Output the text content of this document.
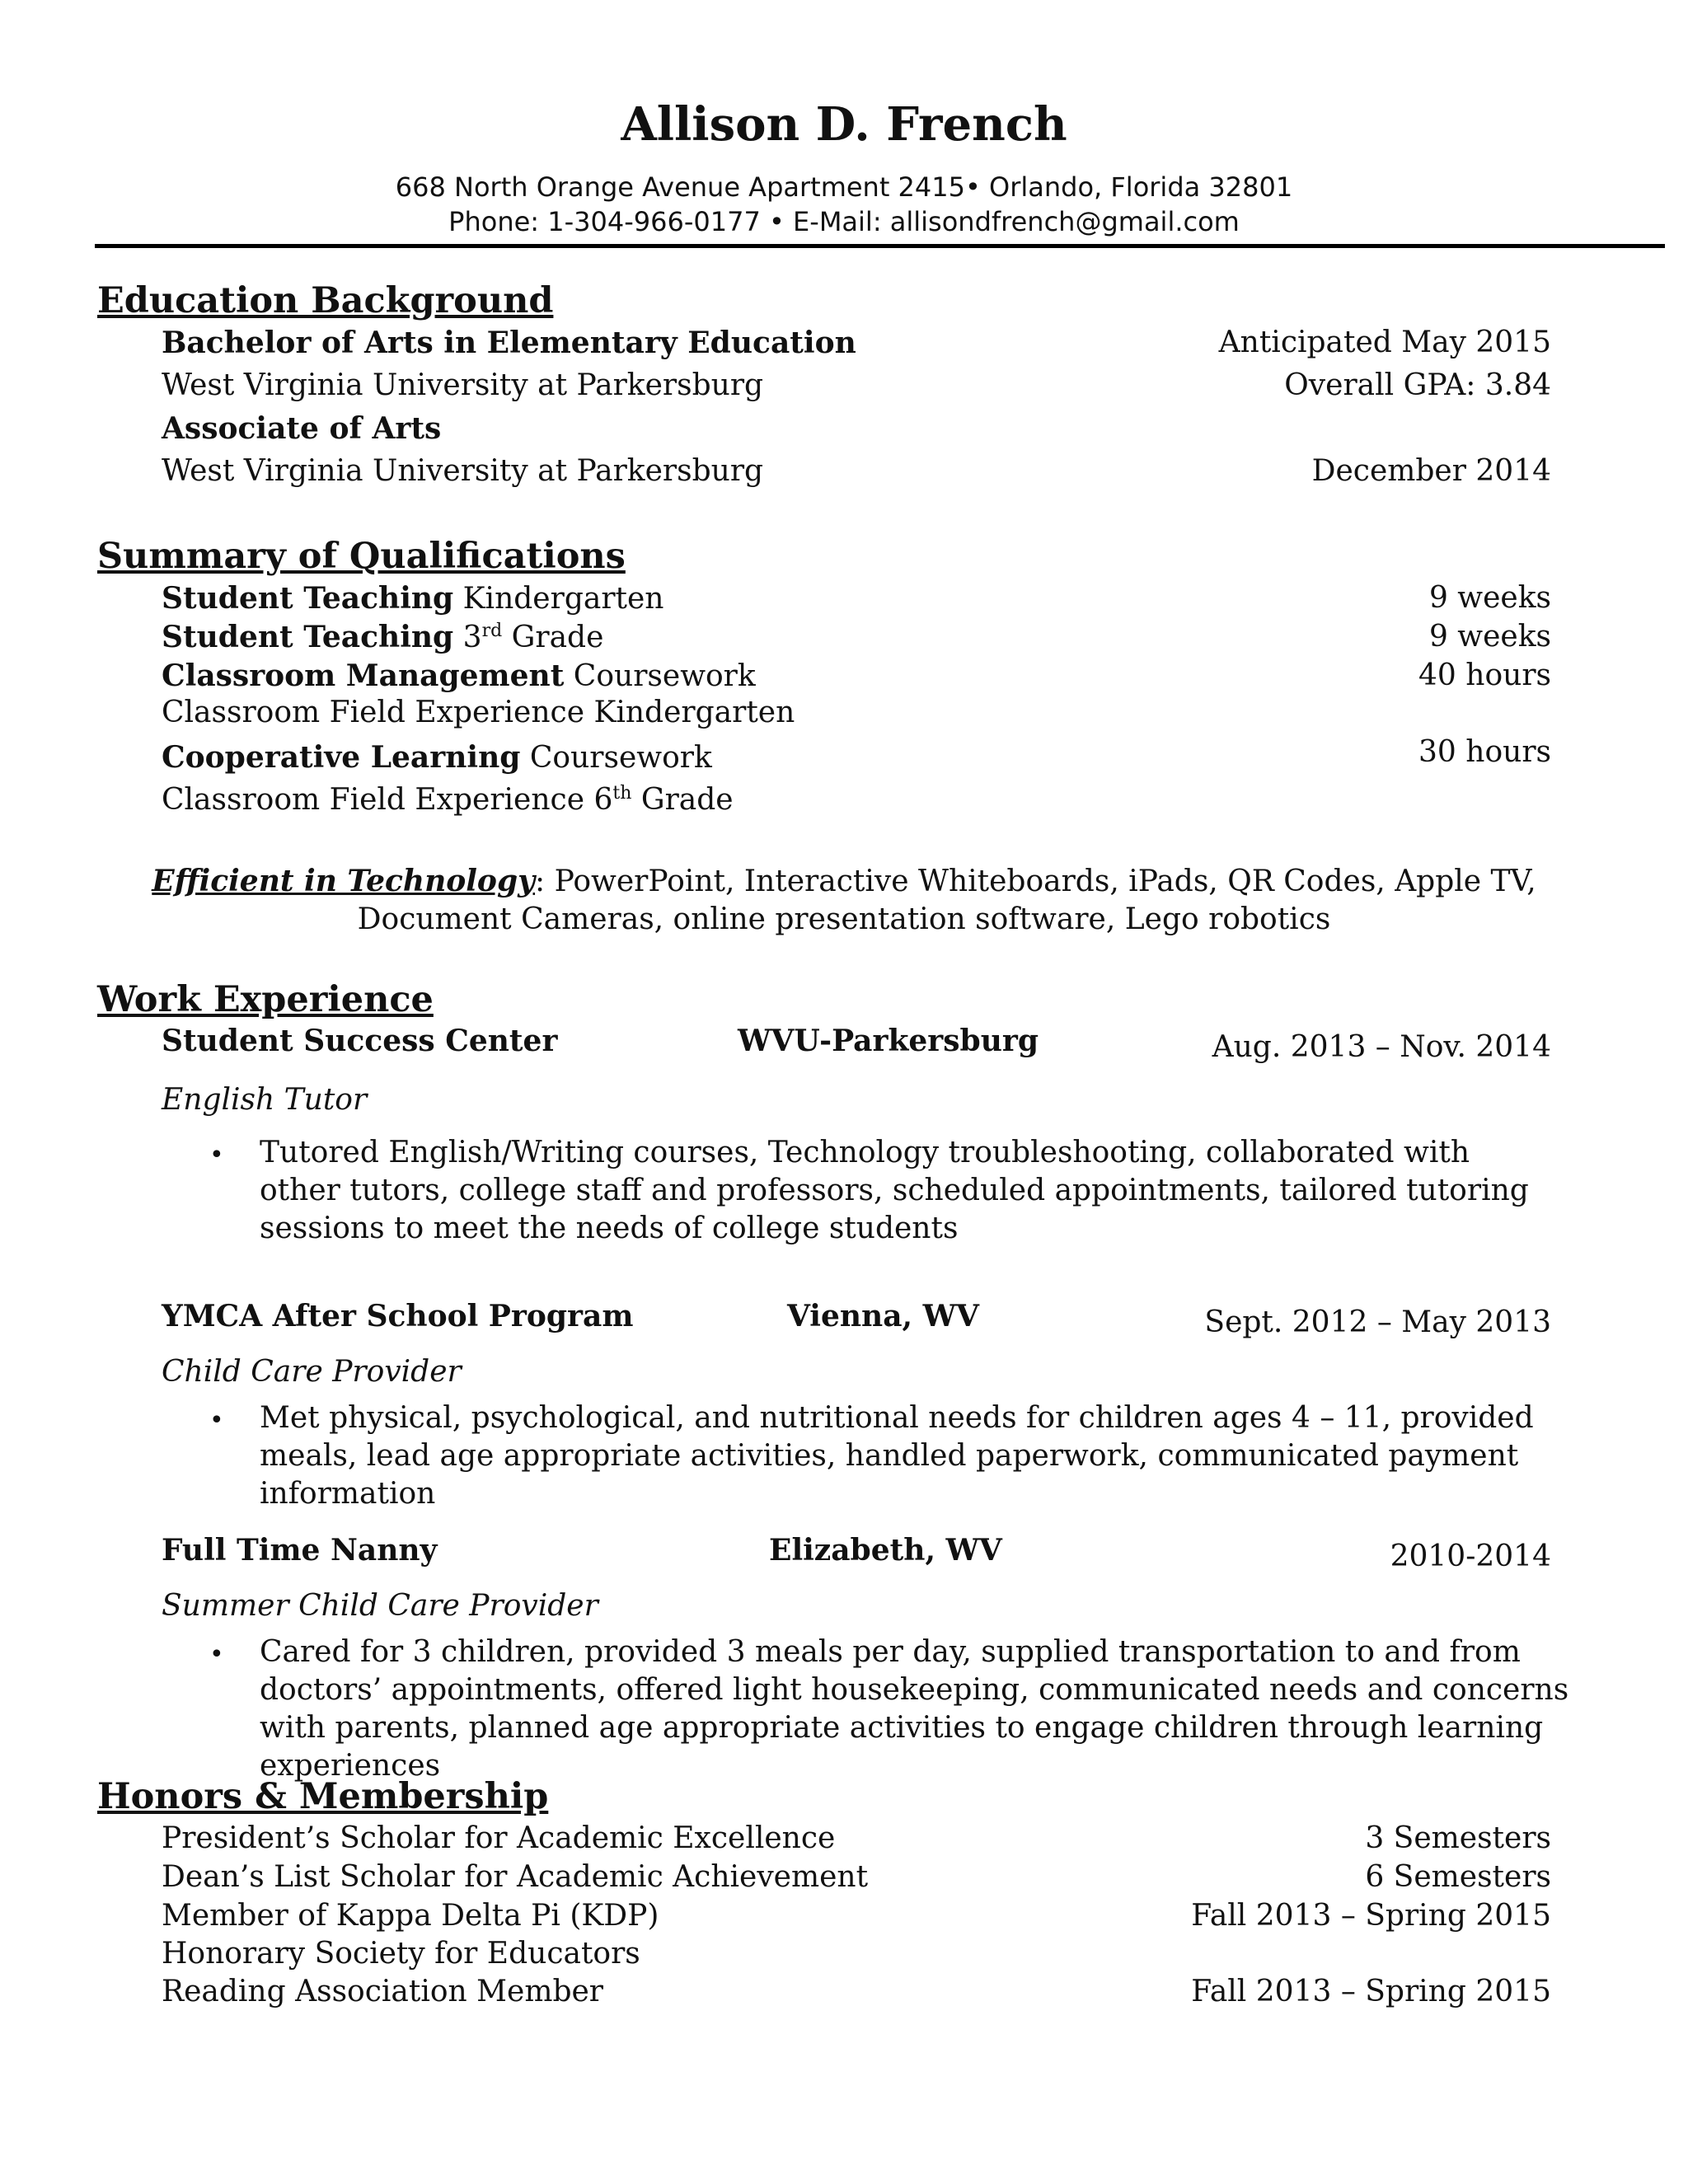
Allison D. French
668 North Orange Avenue Apartment 2415• Orlando, Florida 32801
Phone: 1-304-966-0177 • E-Mail: allisondfrench@gmail.com
Education Background
Bachelor of Arts in Elementary Education	Anticipated May 2015
West Virginia University at Parkersburg	Overall GPA: 3.84
Associate of Arts
West Virginia University at Parkersburg	December 2014
Summary of Qualifications
Student Teaching Kindergarten	9 weeks
Student Teaching 3rd Grade	9 weeks
Classroom Management Coursework	40 hours
Classroom Field Experience Kindergarten
Cooperative Learning Coursework	30 hours
Classroom Field Experience 6th Grade
Efficient in Technology: PowerPoint, Interactive Whiteboards, iPads, QR Codes, Apple TV,
Document Cameras, online presentation software, Lego robotics
Work Experience
Student Success Center	WVU-Parkersburg	Aug. 2013 – Nov. 2014
English Tutor
• Tutored English/Writing courses, Technology troubleshooting, collaborated with other tutors, college staff and professors, scheduled appointments, tailored tutoring sessions to meet the needs of college students
YMCA After School Program	Vienna, WV	Sept. 2012 – May 2013
Child Care Provider
• Met physical, psychological, and nutritional needs for children ages 4 – 11, provided meals, lead age appropriate activities, handled paperwork, communicated payment information
Full Time Nanny	Elizabeth, WV	2010-2014
Summer Child Care Provider
• Cared for 3 children, provided 3 meals per day, supplied transportation to and from doctors’ appointments, offered light housekeeping, communicated needs and concerns with parents, planned age appropriate activities to engage children through learning experiences
Honors & Membership
President’s Scholar for Academic Excellence	3 Semesters
Dean’s List Scholar for Academic Achievement	6 Semesters
Member of Kappa Delta Pi (KDP)	Fall 2013 – Spring 2015
Honorary Society for Educators
Reading Association Member	Fall 2013 – Spring 2015
